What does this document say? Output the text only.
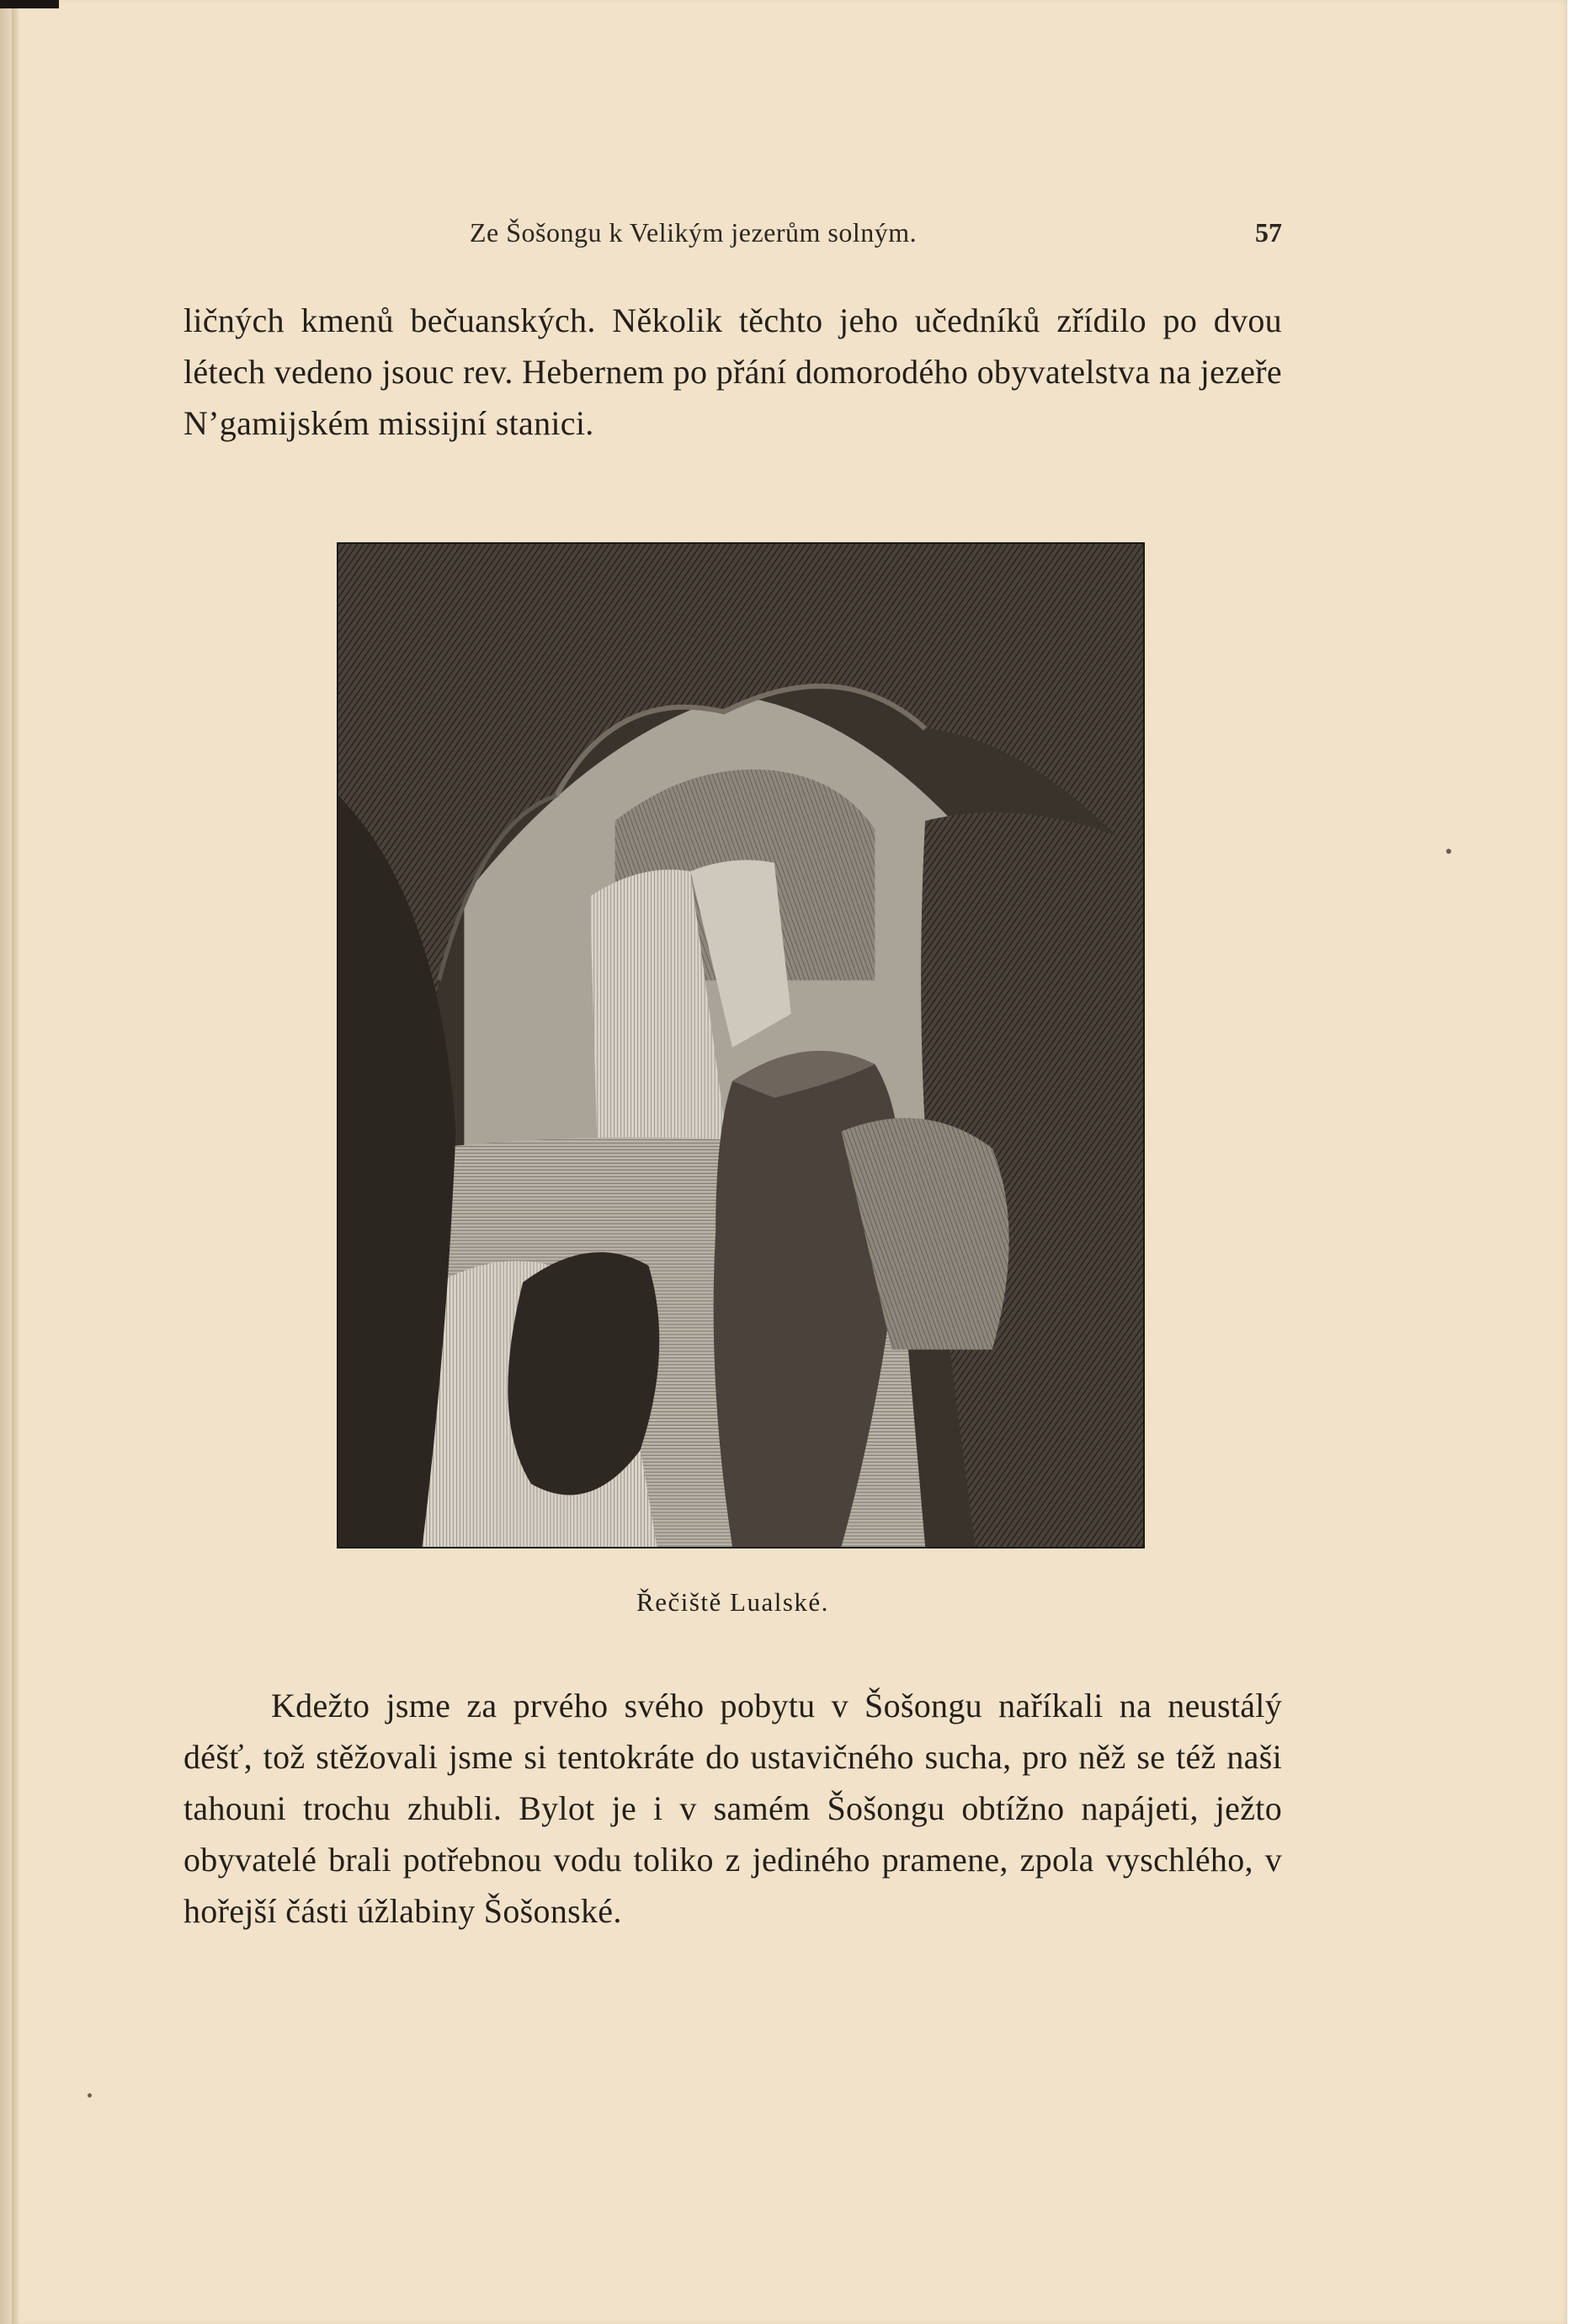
Ze Šošongu k Velikým jezerům solným.	57

ličných kmenů bečuanských. Několik těchto jeho učedníků zřídilo po dvou létech vedeno jsouc rev. Hebernem po přání domorodého obyvatelstva na jezeře N’gamijském missijní stanici.

Řečiště Lualské.

Kdežto jsme za prvého svého pobytu v Šošongu naříkali na neustálý déšť, tož stěžovali jsme si tentokráte do ustavičného sucha, pro něž se též naši tahouni trochu zhubli. Bylot je i v samém Šošongu obtížno napájeti, ježto obyvatelé brali potřebnou vodu toliko z jediného pramene, zpola vyschlého, v hořejší části úžlabiny Šošonské.
